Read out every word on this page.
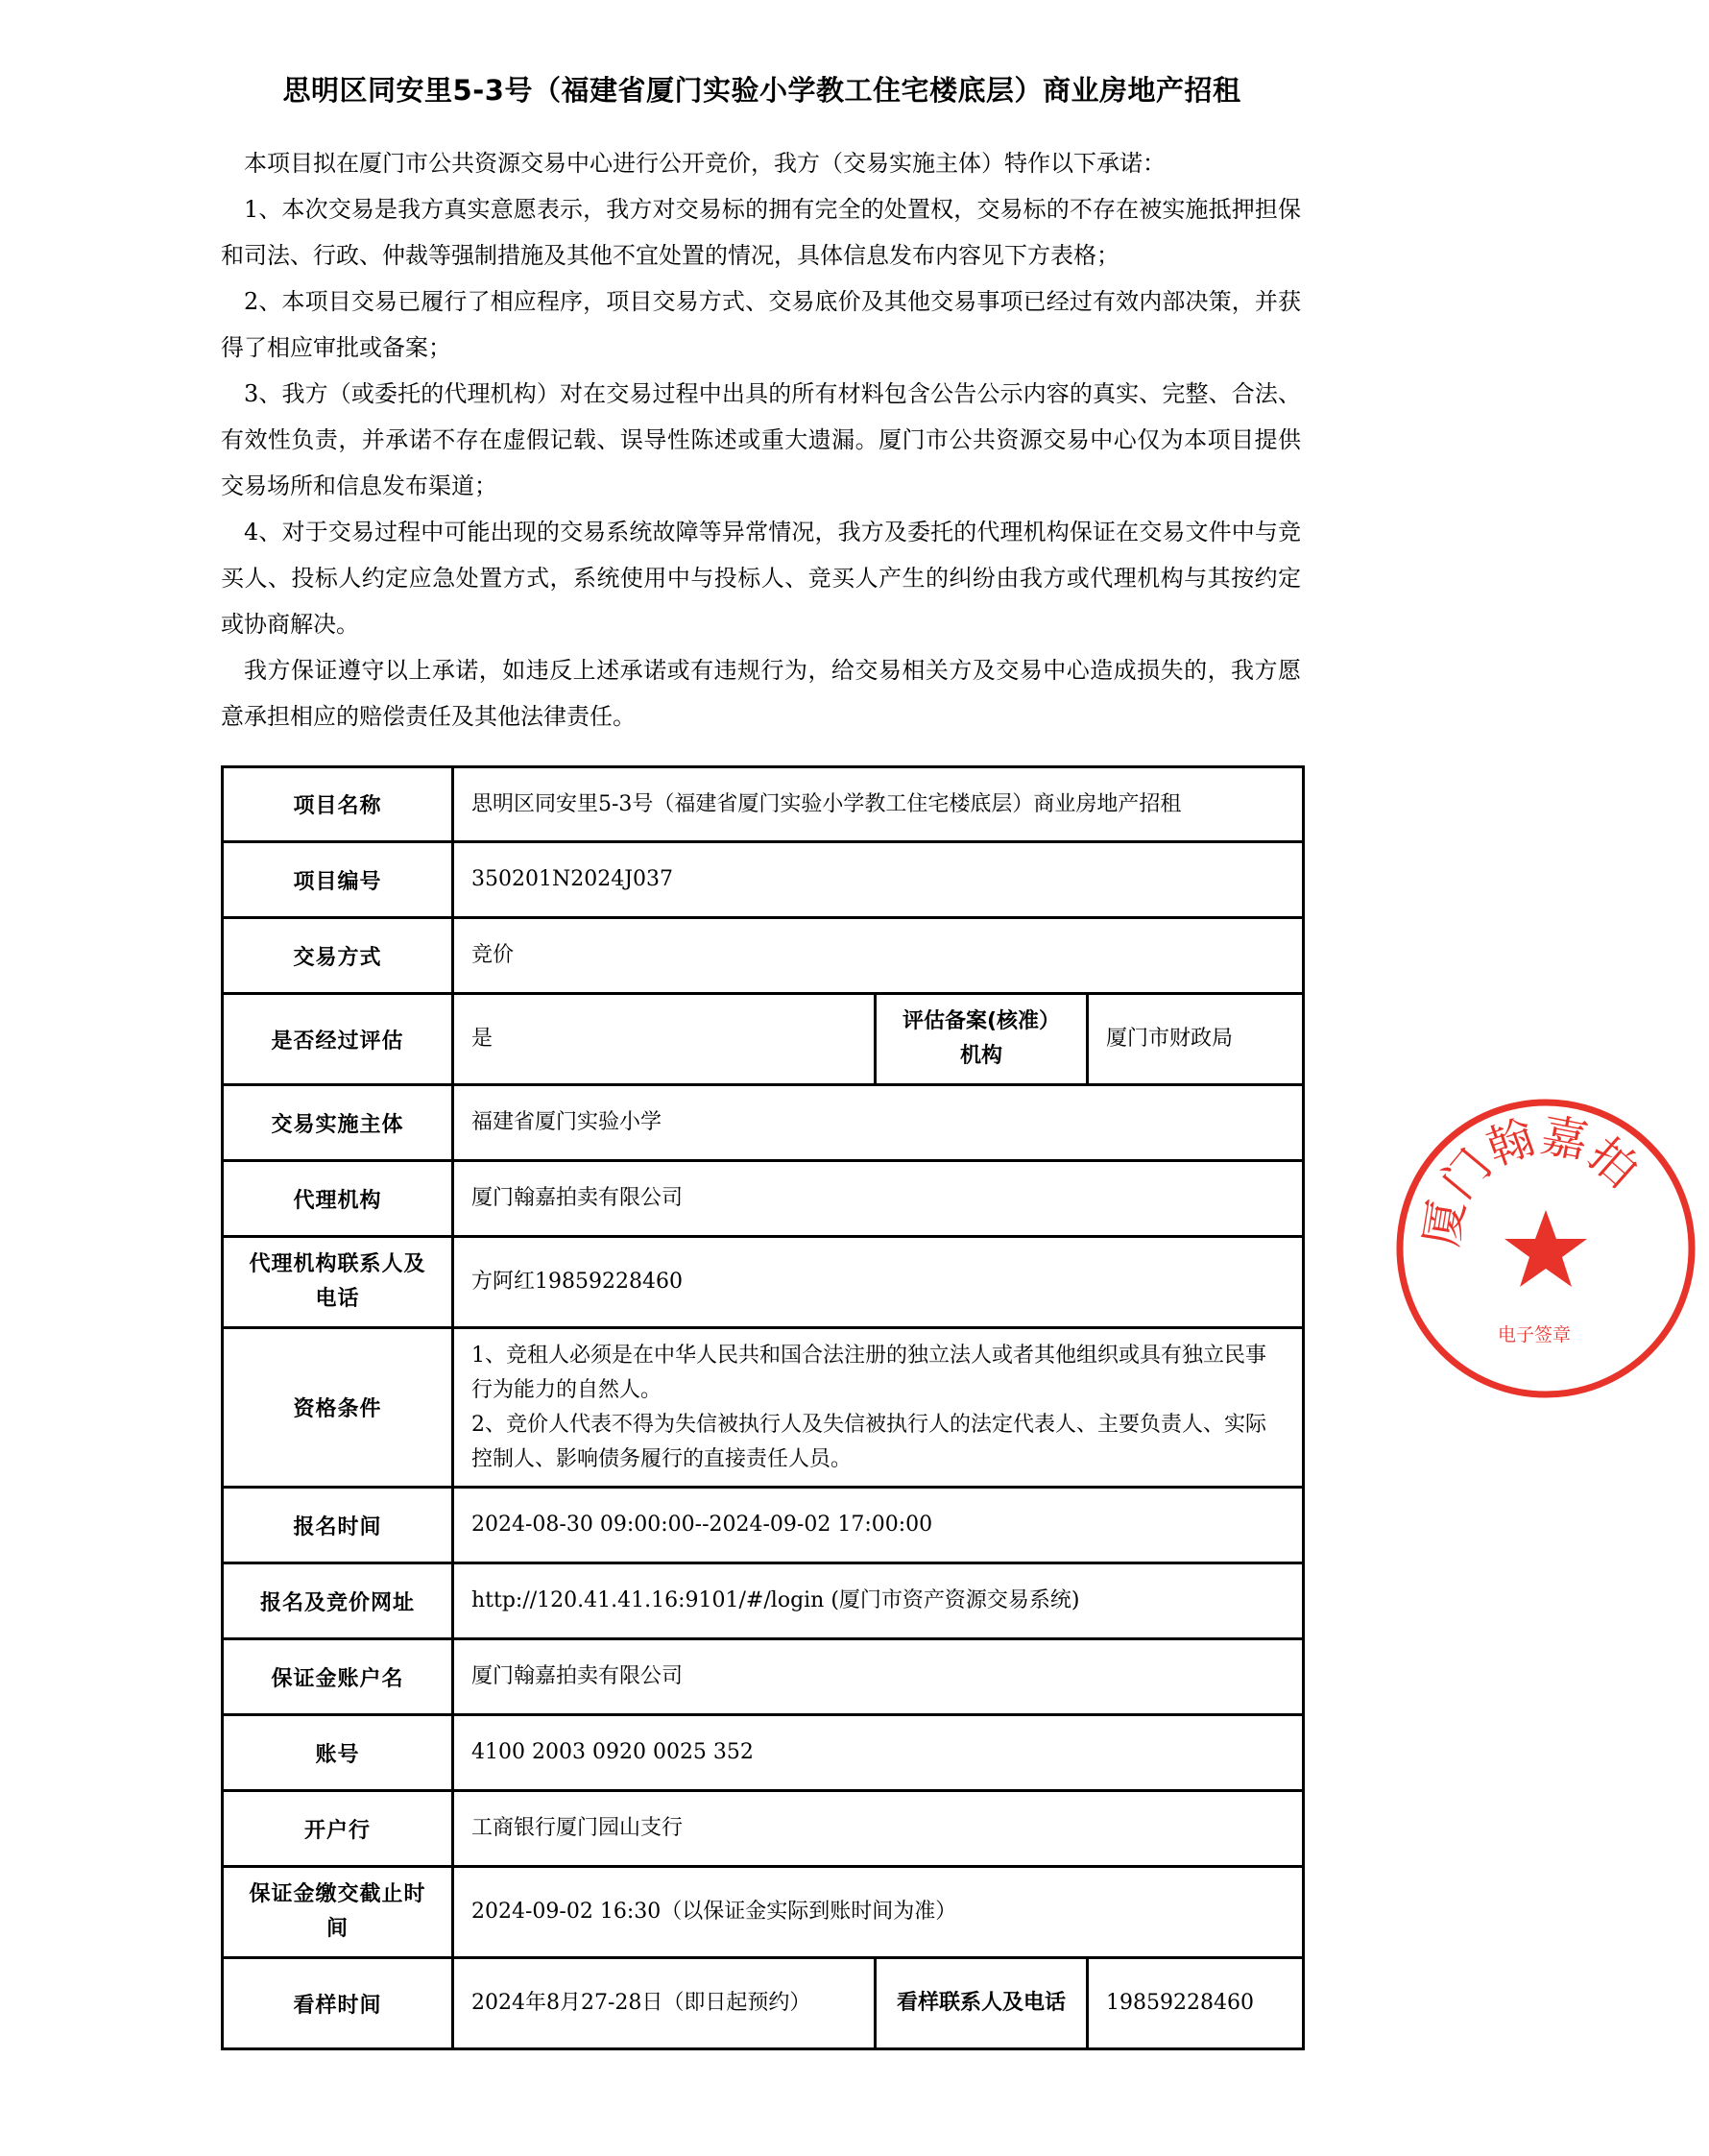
思明区同安里5-3号（福建省厦门实验小学教工住宅楼底层）商业房地产招租

本项目拟在厦门市公共资源交易中心进行公开竞价，我方（交易实施主体）特作以下承诺：

1、本次交易是我方真实意愿表示，我方对交易标的拥有完全的处置权，交易标的不存在被实施抵押担保和司法、行政、仲裁等强制措施及其他不宜处置的情况，具体信息发布内容见下方表格；

2、本项目交易已履行了相应程序，项目交易方式、交易底价及其他交易事项已经过有效内部决策，并获得了相应审批或备案；

3、我方（或委托的代理机构）对在交易过程中出具的所有材料包含公告公示内容的真实、完整、合法、有效性负责，并承诺不存在虚假记载、误导性陈述或重大遗漏。厦门市公共资源交易中心仅为本项目提供交易场所和信息发布渠道；

4、对于交易过程中可能出现的交易系统故障等异常情况，我方及委托的代理机构保证在交易文件中与竞买人、投标人约定应急处置方式，系统使用中与投标人、竞买人产生的纠纷由我方或代理机构与其按约定或协商解决。

我方保证遵守以上承诺，如违反上述承诺或有违规行为，给交易相关方及交易中心造成损失的，我方愿意承担相应的赔偿责任及其他法律责任。

项目名称	思明区同安里5-3号（福建省厦门实验小学教工住宅楼底层）商业房地产招租		
项目编号	350201N2024J037		
交易方式	竞价		
是否经过评估	是	评估备案(核准）机构	厦门市财政局
交易实施主体	福建省厦门实验小学		
代理机构	厦门翰嘉拍卖有限公司		
代理机构联系人及电话	方阿红19859228460		
资格条件	1、竞租人必须是在中华人民共和国合法注册的独立法人或者其他组织或具有独立民事行为能力的自然人。
2、竞价人代表不得为失信被执行人及失信被执行人的法定代表人、主要负责人、实际控制人、影响债务履行的直接责任人员。		

报名时间	2024-08-30 09:00:00--2024-09-02 17:00:00		
报名及竞价网址	http://120.41.41.16:9101/#/login (厦门市资产资源交易系统)		
保证金账户名	厦门翰嘉拍卖有限公司		
账号	4100 2003 0920 0025 352		
开户行	工商银行厦门园山支行		
保证金缴交截止时间	2024-09-02 16:30（以保证金实际到账时间为准）		
看样时间	2024年8月27-28日（即日起预约）	看样联系人及电话	19859228460
厦门翰嘉拍
电子签章
